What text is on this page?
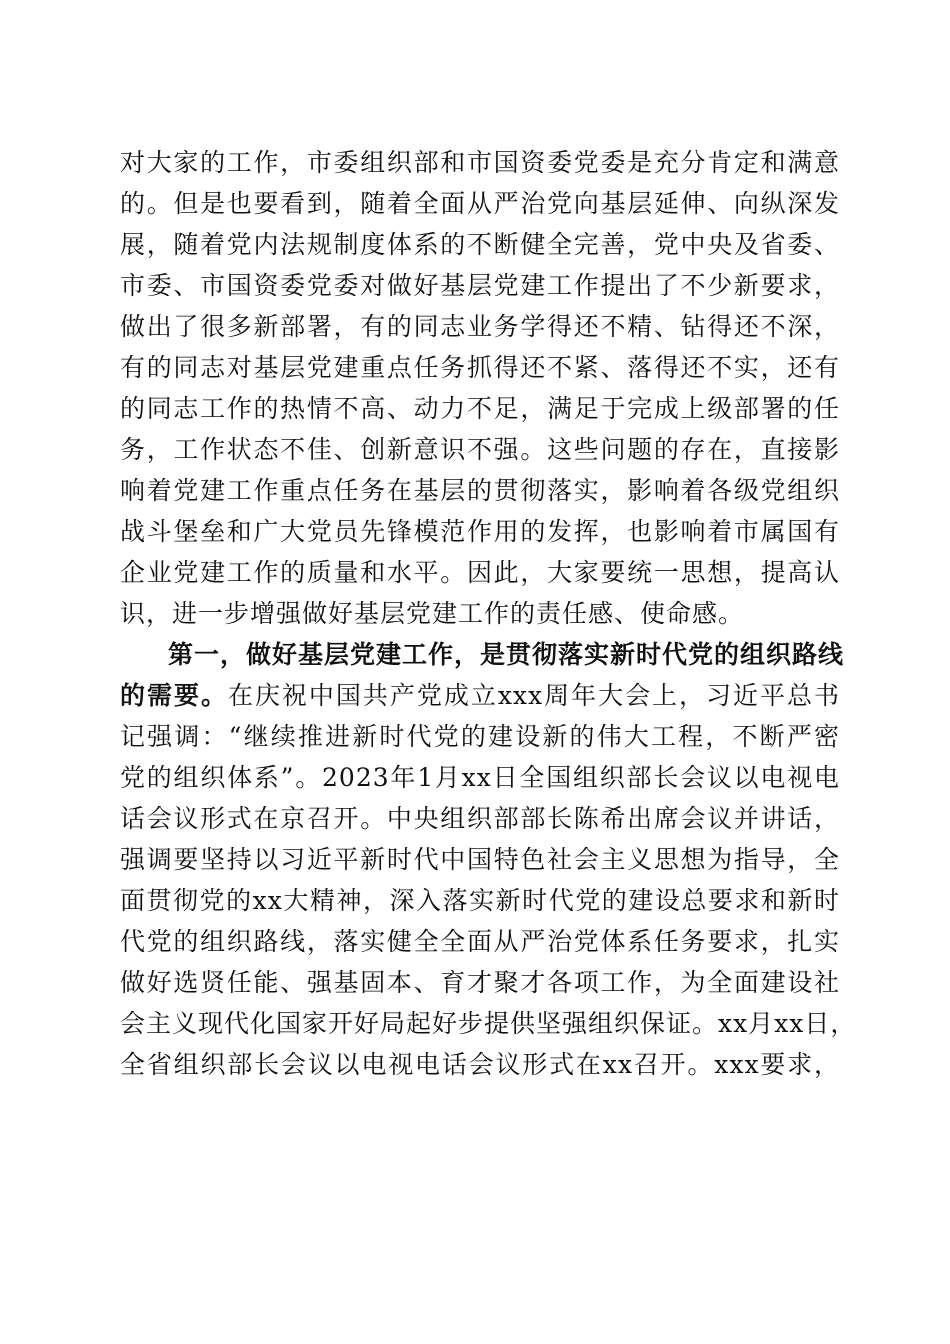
对大家的工作，市委组织部和市国资委党委是充分肯定和满意
的。但是也要看到，随着全面从严治党向基层延伸、向纵深发
展，随着党内法规制度体系的不断健全完善，党中央及省委、
市委、市国资委党委对做好基层党建工作提出了不少新要求，
做出了很多新部署，有的同志业务学得还不精、钻得还不深，
有的同志对基层党建重点任务抓得还不紧、落得还不实，还有
的同志工作的热情不高、动力不足，满足于完成上级部署的任
务，工作状态不佳、创新意识不强。这些问题的存在，直接影
响着党建工作重点任务在基层的贯彻落实，影响着各级党组织
战斗堡垒和广大党员先锋模范作用的发挥，也影响着市属国有
企业党建工作的质量和水平。因此，大家要统一思想，提高认
识，进一步增强做好基层党建工作的责任感、使命感。
第一，做好基层党建工作，是贯彻落实新时代党的组织路线
的需要。在庆祝中国共产党成立xxx周年大会上，习近平总书
记强调：“继续推进新时代党的建设新的伟大工程，不断严密
党的组织体系”。2023年1月xx日全国组织部长会议以电视电
话会议形式在京召开。中央组织部部长陈希出席会议并讲话，
强调要坚持以习近平新时代中国特色社会主义思想为指导，全
面贯彻党的xx大精神，深入落实新时代党的建设总要求和新时
代党的组织路线，落实健全全面从严治党体系任务要求，扎实
做好选贤任能、强基固本、育才聚才各项工作，为全面建设社
会主义现代化国家开好局起好步提供坚强组织保证。xx月xx日，
全省组织部长会议以电视电话会议形式在xx召开。xxx要求，
